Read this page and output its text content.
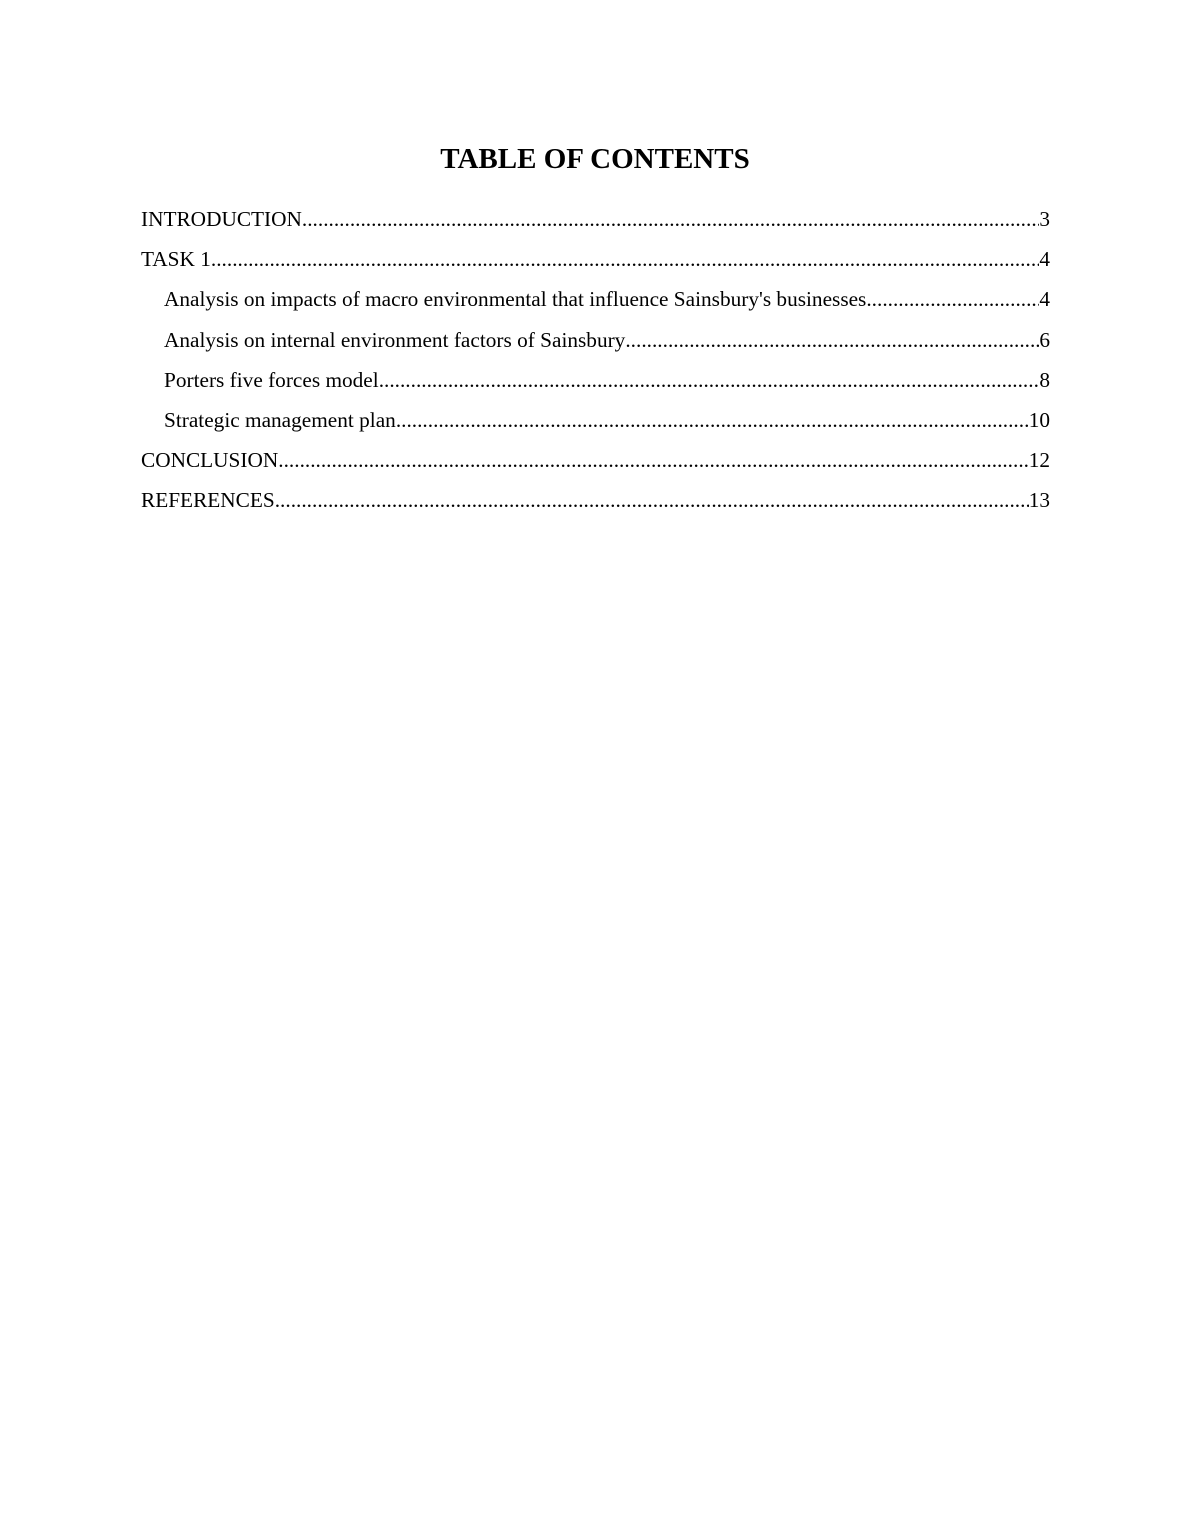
TABLE OF CONTENTS
INTRODUCTION .....	3
TASK 1 .....	4
Analysis on impacts of macro environmental that influence Sainsbury's businesses .....	4
Analysis on internal environment factors of Sainsbury .....	6
Porters five forces model .....	8
Strategic management plan .....	10
CONCLUSION .....	12
REFERENCES .....	13
